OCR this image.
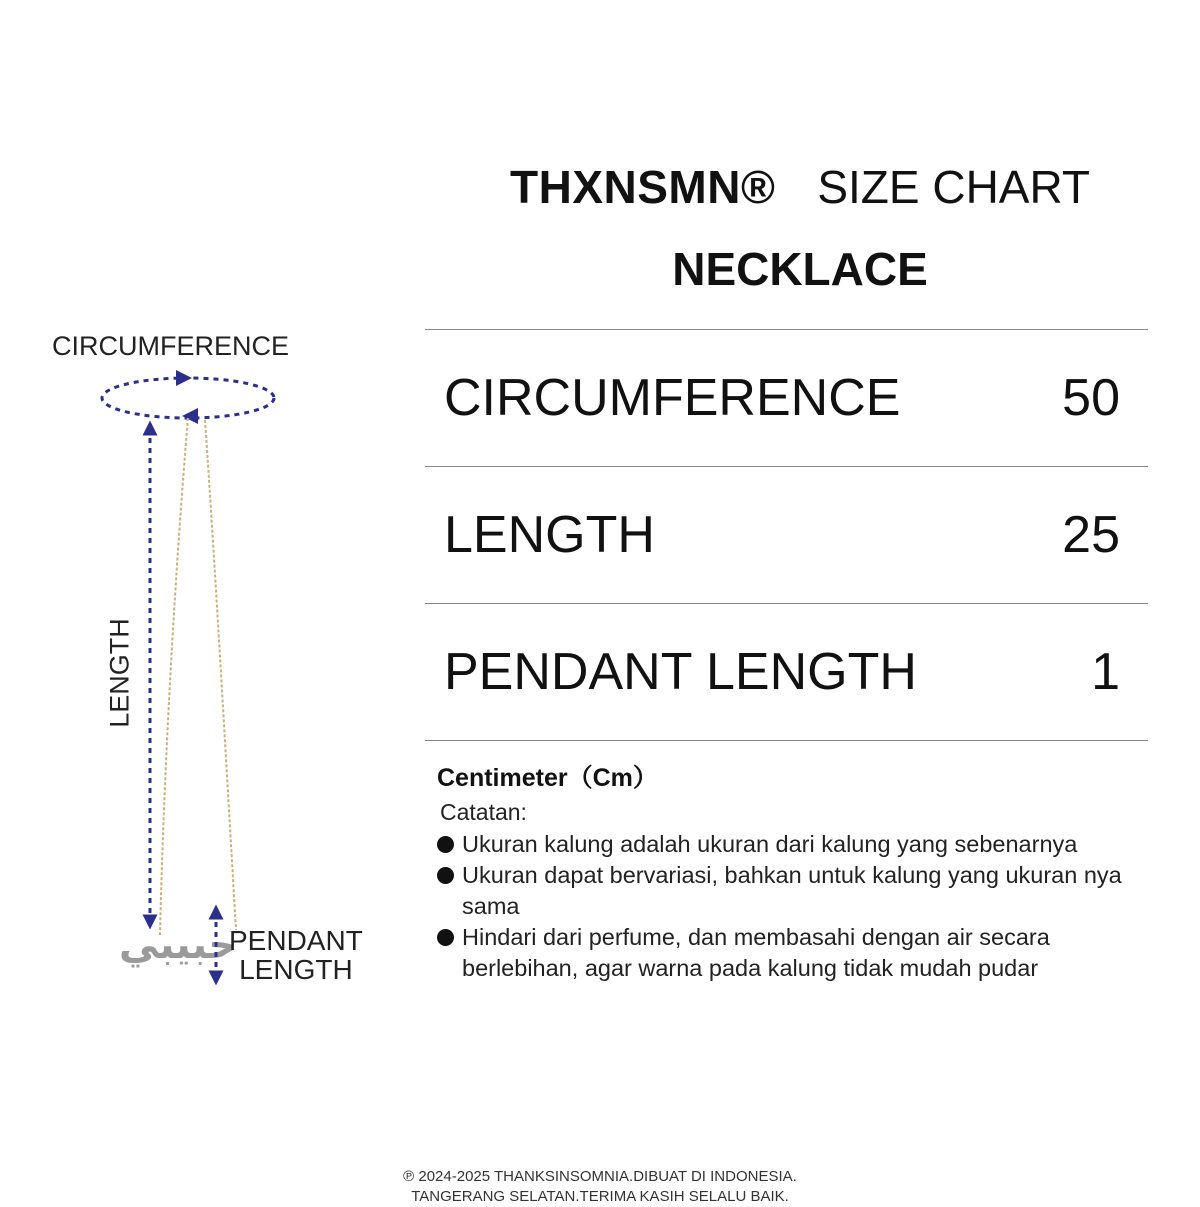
THXNSMN® SIZE CHART
NECKLACE
حبيبي
CIRCUMFERENCE
LENGTH
PENDANT
LENGTH
CIRCUMFERENCE	50
LENGTH	25
PENDANT LENGTH	1
Centimeter（Cm）
Catatan:
Ukuran kalung adalah ukuran dari kalung yang sebenarnya
Ukuran dapat bervariasi, bahkan untuk kalung yang ukuran nya sama
Hindari dari perfume, dan membasahi dengan air secara berlebihan, agar warna pada kalung tidak mudah pudar
℗ 2024-2025 THANKSINSOMNIA.DIBUAT DI INDONESIA.
TANGERANG SELATAN.TERIMA KASIH SELALU BAIK.
